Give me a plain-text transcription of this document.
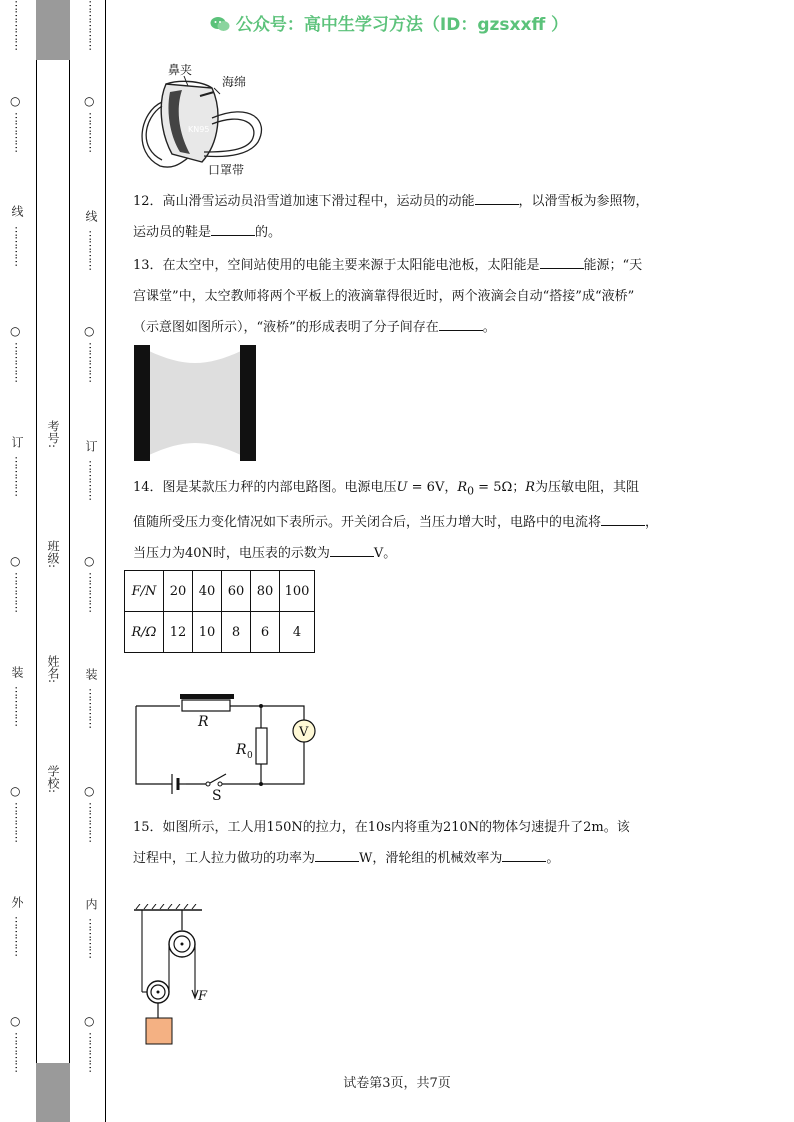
⋯⋯⋯⋯⋯
○
⋯⋯⋯⋯
线
⋯⋯⋯⋯
○
⋯⋯⋯⋯
订
⋯⋯⋯⋯
○
⋯⋯⋯⋯
装
⋯⋯⋯⋯
○
⋯⋯⋯⋯
外
⋯⋯⋯⋯
○
⋯⋯⋯⋯
考号:
班级:
姓名:
学校:
⋯⋯⋯⋯⋯
○
⋯⋯⋯⋯
线
⋯⋯⋯⋯
○
⋯⋯⋯⋯
订
⋯⋯⋯⋯
○
⋯⋯⋯⋯
装
⋯⋯⋯⋯
○
⋯⋯⋯⋯
内
⋯⋯⋯⋯
○
⋯⋯⋯⋯
公众号：高中生学习方法（ID：gzsxxff ）
KN95
鼻夹
海绵
口罩带
12．高山滑雪运动员沿雪道加速下滑过程中，运动员的动能	，以滑雪板为参照物，
运动员的鞋是	的。
13．在太空中，空间站使用的电能主要来源于太阳能电池板，太阳能是	能源；“天
宫课堂”中，太空教师将两个平板上的液滴靠得很近时，两个液滴会自动“搭接”成“液桥”
（示意图如图所示），“液桥”的形成表明了分子间存在	。
14．图是某款压力秤的内部电路图。电源电压U = 6V，$R_0 = 5\Omega$；R为压敏电阻，其阻
值随所受压力变化情况如下表所示。开关闭合后，当压力增大时，电路中的电流将	，
当压力为40N时，电压表的示数为	V。
F/N	20	40	60	80	100
R/Ω	12	10	8	6	4
R
R 0
V
S
15．如图所示，工人用150N的拉力，在10s内将重为210N的物体匀速提升了2m。该
过程中，工人拉力做功的功率为	W，滑轮组的机械效率为	。
F
试卷第3页，共7页
